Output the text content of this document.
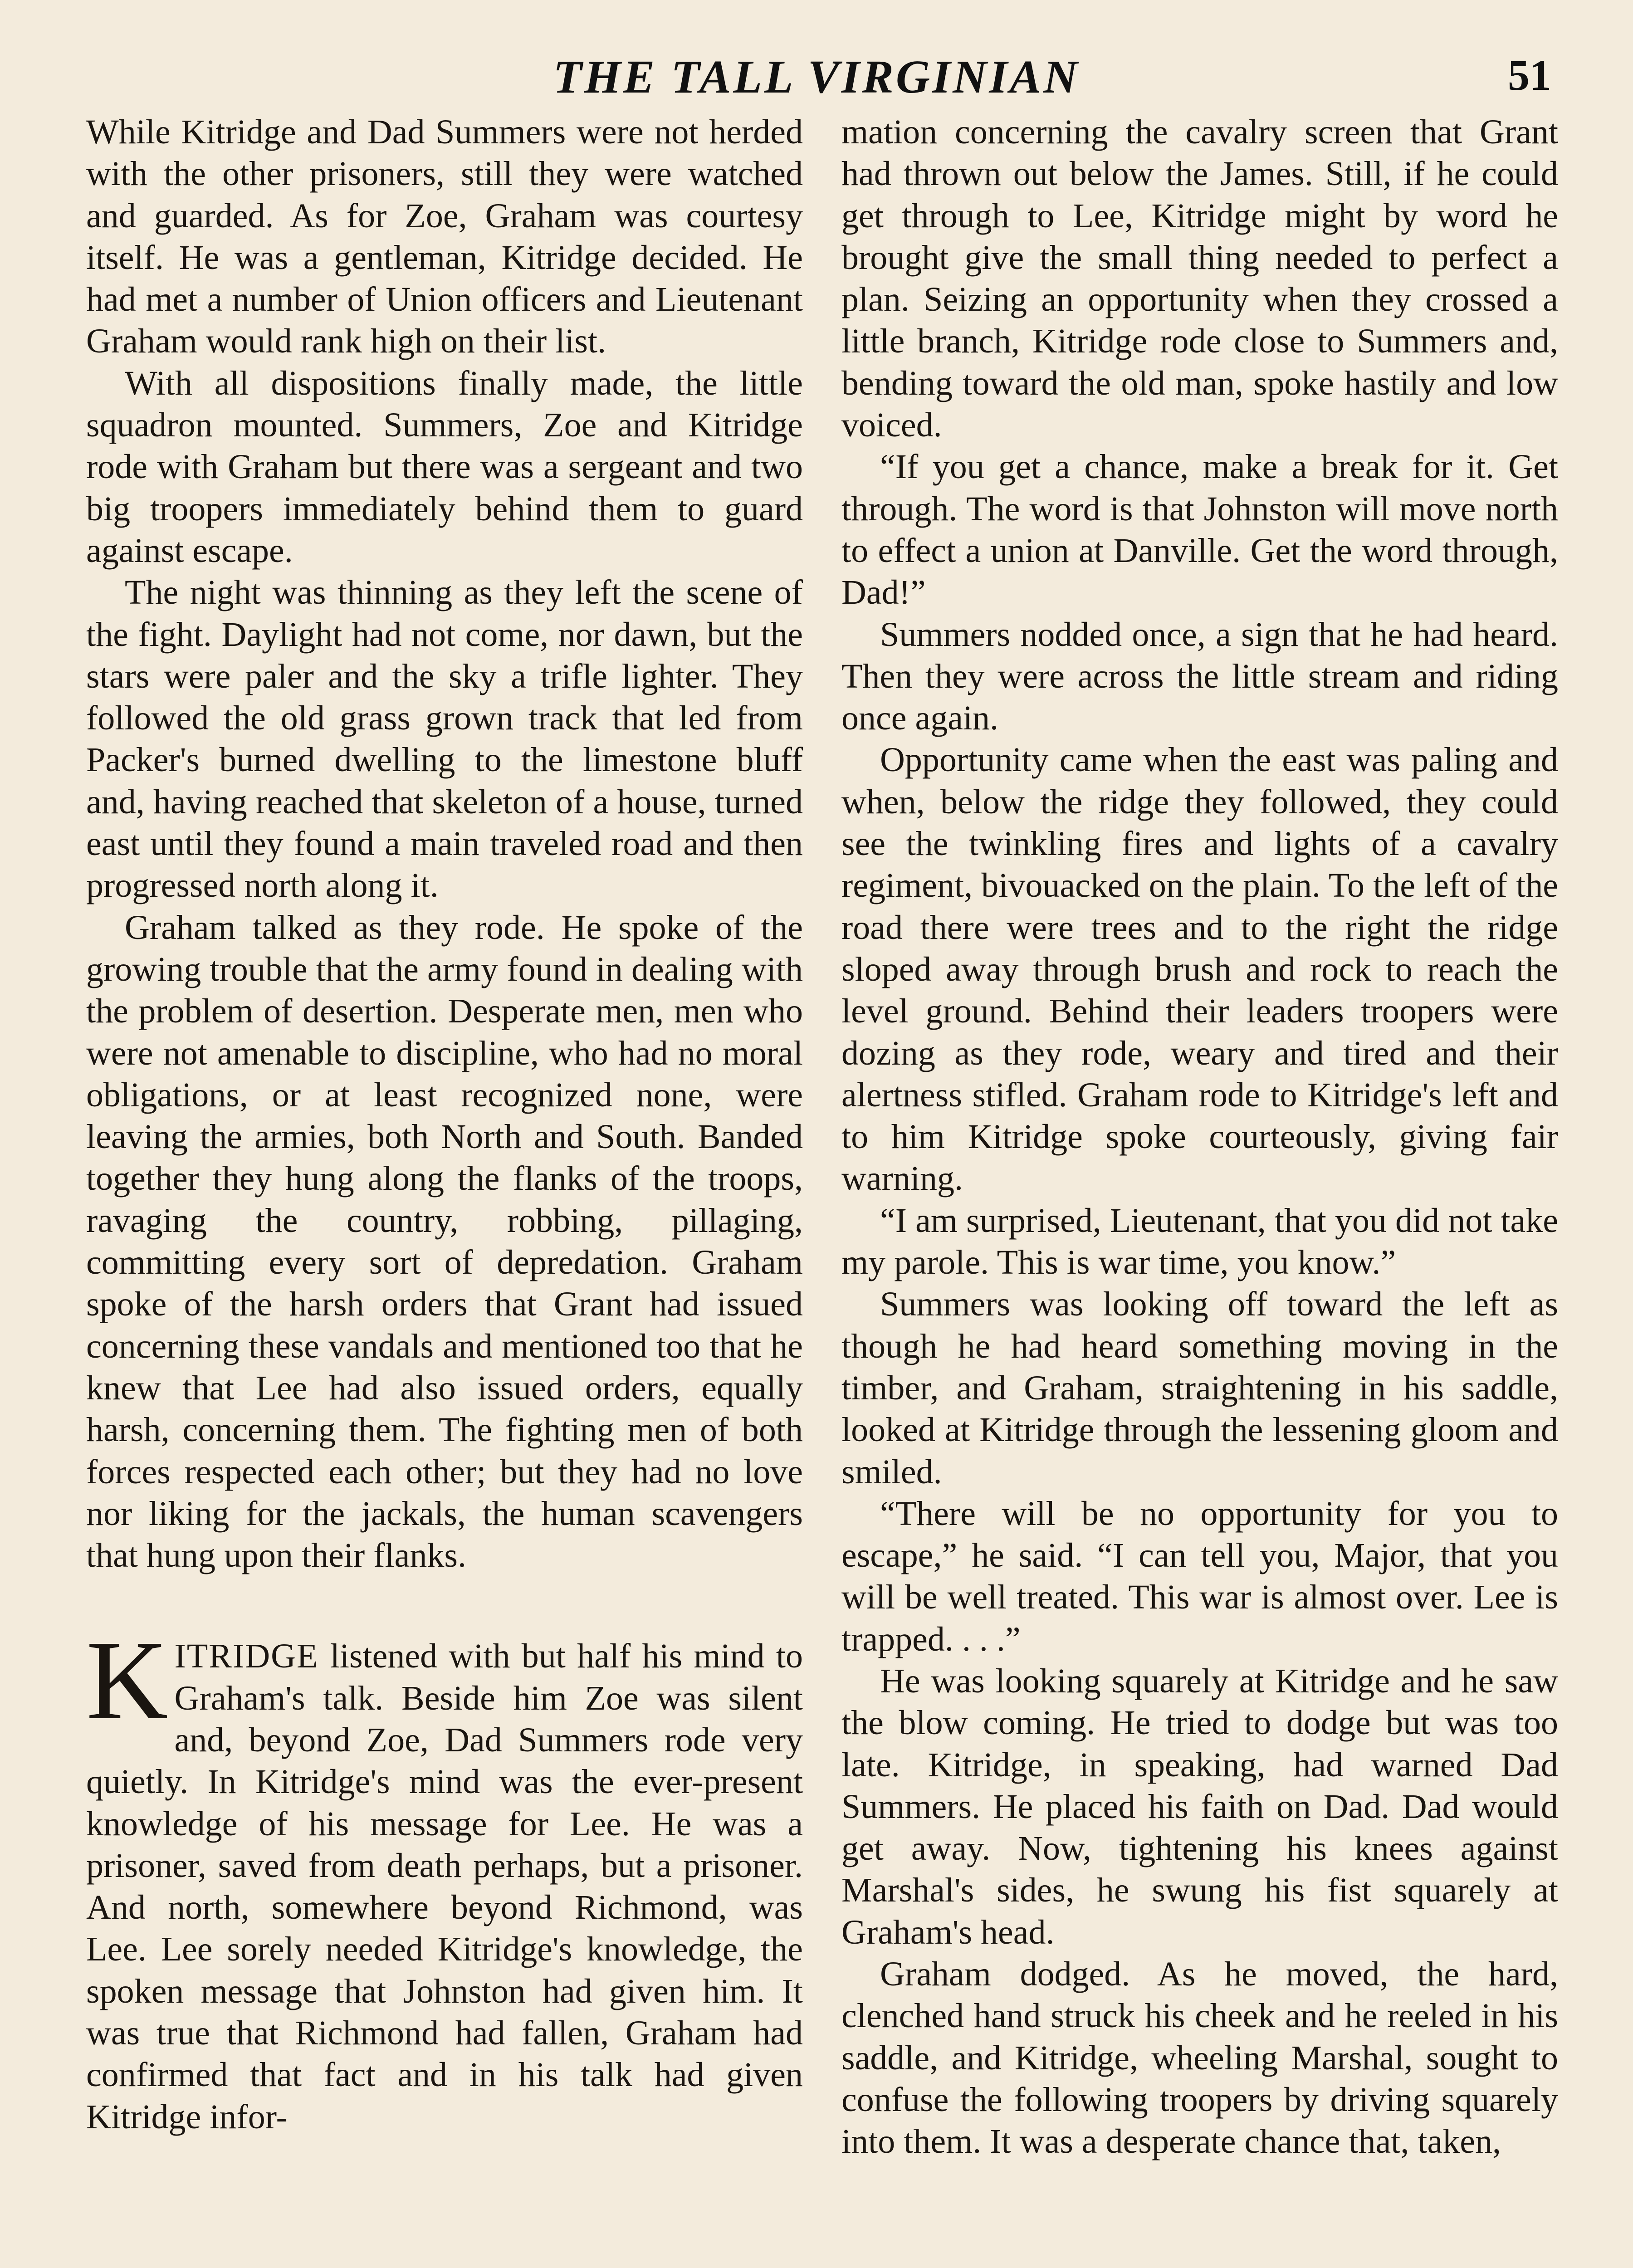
THE TALL VIRGINIAN	51

While Kitridge and Dad Summers were not herded with the other prisoners, still they were watched and guarded. As for Zoe, Graham was courtesy itself. He was a gentleman, Kitridge decided. He had met a number of Union officers and Lieutenant Graham would rank high on their list.

With all dispositions finally made, the little squadron mounted. Summers, Zoe and Kitridge rode with Graham but there was a sergeant and two big troopers immediately behind them to guard against escape.

The night was thinning as they left the scene of the fight. Daylight had not come, nor dawn, but the stars were paler and the sky a trifle lighter. They followed the old grass grown track that led from Packer's burned dwelling to the limestone bluff and, having reached that skeleton of a house, turned east until they found a main traveled road and then progressed north along it.

Graham talked as they rode. He spoke of the growing trouble that the army found in dealing with the problem of desertion. Desperate men, men who were not amenable to discipline, who had no moral obligations, or at least recognized none, were leaving the armies, both North and South. Banded together they hung along the flanks of the troops, ravaging the country, robbing, pillaging, committing every sort of depredation. Graham spoke of the harsh orders that Grant had issued concerning these vandals and mentioned too that he knew that Lee had also issued orders, equally harsh, concerning them. The fighting men of both forces respected each other; but they had no love nor liking for the jackals, the human scavengers that hung upon their flanks.

KITRIDGE listened with but half his mind to Graham's talk. Beside him Zoe was silent and, beyond Zoe, Dad Summers rode very quietly. In Kitridge's mind was the ever-present knowledge of his message for Lee. He was a prisoner, saved from death perhaps, but a prisoner. And north, somewhere beyond Richmond, was Lee. Lee sorely needed Kitridge's knowledge, the spoken message that Johnston had given him. It was true that Richmond had fallen, Graham had confirmed that fact and in his talk had given Kitridge infor-

mation concerning the cavalry screen that Grant had thrown out below the James. Still, if he could get through to Lee, Kitridge might by word he brought give the small thing needed to perfect a plan. Seizing an opportunity when they crossed a little branch, Kitridge rode close to Summers and, bending toward the old man, spoke hastily and low voiced.

“If you get a chance, make a break for it. Get through. The word is that Johnston will move north to effect a union at Danville. Get the word through, Dad!”

Summers nodded once, a sign that he had heard. Then they were across the little stream and riding once again.

Opportunity came when the east was paling and when, below the ridge they followed, they could see the twinkling fires and lights of a cavalry regiment, bivouacked on the plain. To the left of the road there were trees and to the right the ridge sloped away through brush and rock to reach the level ground. Behind their leaders troopers were dozing as they rode, weary and tired and their alertness stifled. Graham rode to Kitridge's left and to him Kitridge spoke courteously, giving fair warning.

“I am surprised, Lieutenant, that you did not take my parole. This is war time, you know.”

Summers was looking off toward the left as though he had heard something moving in the timber, and Graham, straightening in his saddle, looked at Kitridge through the lessening gloom and smiled.

“There will be no opportunity for you to escape,” he said. “I can tell you, Major, that you will be well treated. This war is almost over. Lee is trapped. . . .”

He was looking squarely at Kitridge and he saw the blow coming. He tried to dodge but was too late. Kitridge, in speaking, had warned Dad Summers. He placed his faith on Dad. Dad would get away. Now, tightening his knees against Marshal's sides, he swung his fist squarely at Graham's head.

Graham dodged. As he moved, the hard, clenched hand struck his cheek and he reeled in his saddle, and Kitridge, wheeling Marshal, sought to confuse the following troopers by driving squarely into them. It was a desperate chance that, taken,
